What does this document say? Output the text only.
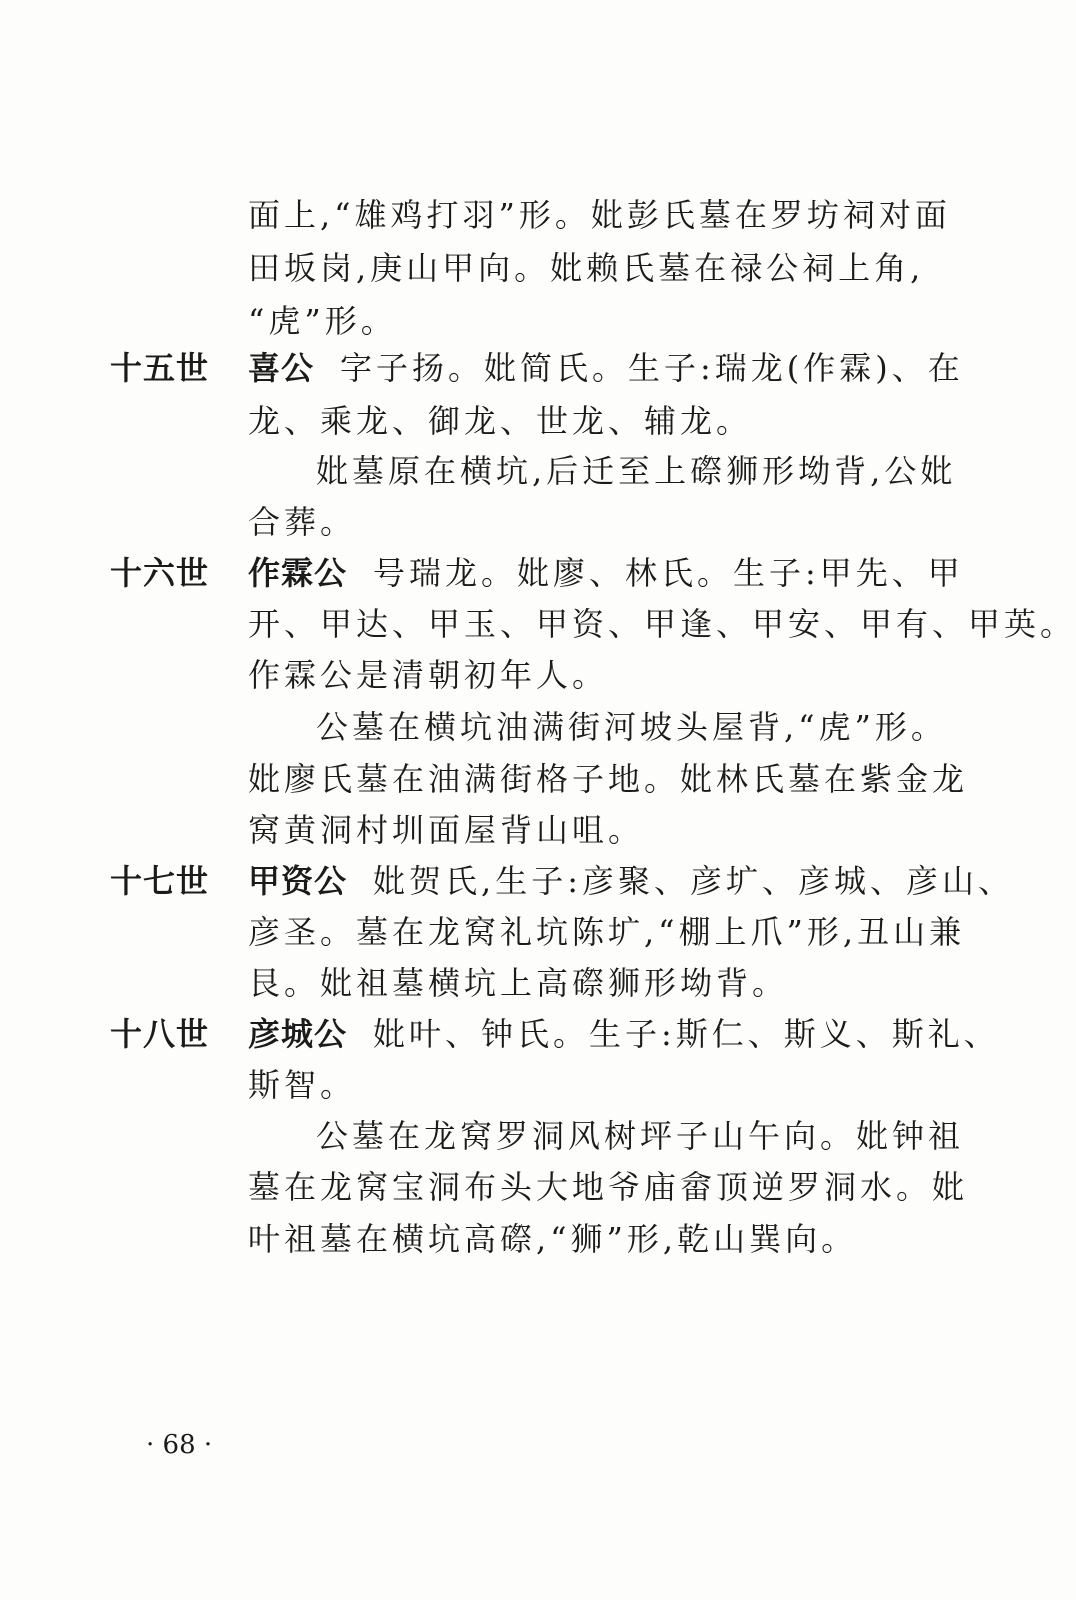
面上,“雄鸡打羽”形。妣彭氏墓在罗坊祠对面
田坂岗,庚山甲向。妣赖氏墓在禄公祠上角,
“虎”形。
十五世 喜公 字子扬。妣简氏。生子:瑞龙(作霖)、在
龙、乘龙、御龙、世龙、辅龙。
妣墓原在横坑,后迁至上磜狮形坳背,公妣
合葬。
十六世 作霖公 号瑞龙。妣廖、林氏。生子:甲先、甲
开、甲达、甲玉、甲资、甲逢、甲安、甲有、甲英。
作霖公是清朝初年人。
公墓在横坑油满街河坡头屋背,“虎”形。
妣廖氏墓在油满街格子地。妣林氏墓在紫金龙
窝黄洞村圳面屋背山咀。
十七世 甲资公 妣贺氏,生子:彦聚、彦圹、彦城、彦山、
彦圣。墓在龙窝礼坑陈圹,“棚上爪”形,丑山兼
艮。妣祖墓横坑上高磜狮形坳背。
十八世 彦城公 妣叶、钟氏。生子:斯仁、斯义、斯礼、
斯智。
公墓在龙窝罗洞风树坪子山午向。妣钟祖
墓在龙窝宝洞布头大地爷庙畲顶逆罗洞水。妣
叶祖墓在横坑高磜,“狮”形,乾山巽向。
· 68 ·
